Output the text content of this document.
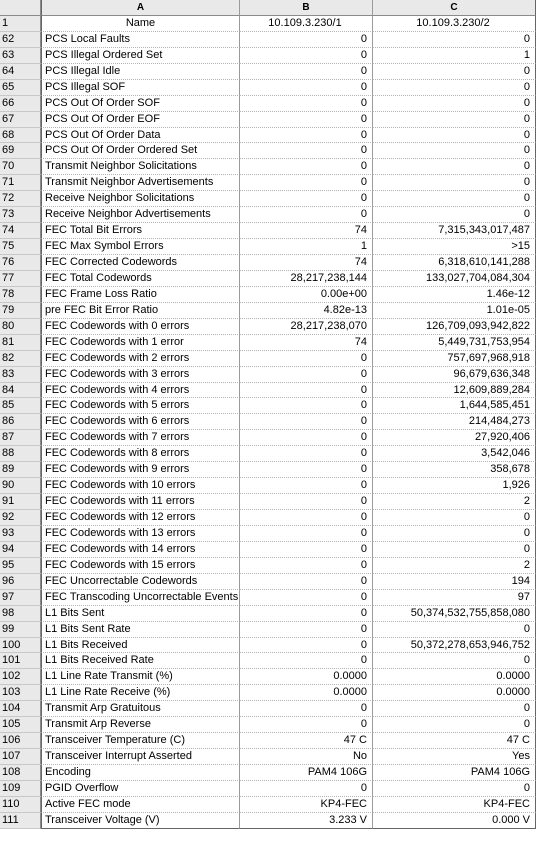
A	B	C
1	Name	10.109.3.230/1	10.109.3.230/2
62	PCS Local Faults	0	0
63	PCS Illegal Ordered Set	0	1
64	PCS Illegal Idle	0	0
65	PCS Illegal SOF	0	0
66	PCS Out Of Order SOF	0	0
67	PCS Out Of Order EOF	0	0
68	PCS Out Of Order Data	0	0
69	PCS Out Of Order Ordered Set	0	0
70	Transmit Neighbor Solicitations	0	0
71	Transmit Neighbor Advertisements	0	0
72	Receive Neighbor Solicitations	0	0
73	Receive Neighbor Advertisements	0	0
74	FEC Total Bit Errors	74	7,315,343,017,487
75	FEC Max Symbol Errors	1	>15
76	FEC Corrected Codewords	74	6,318,610,141,288
77	FEC Total Codewords	28,217,238,144	133,027,704,084,304
78	FEC Frame Loss Ratio	0.00e+00	1.46e-12
79	pre FEC Bit Error Ratio	4.82e-13	1.01e-05
80	FEC Codewords with 0 errors	28,217,238,070	126,709,093,942,822
81	FEC Codewords with 1 error	74	5,449,731,753,954
82	FEC Codewords with 2 errors	0	757,697,968,918
83	FEC Codewords with 3 errors	0	96,679,636,348
84	FEC Codewords with 4 errors	0	12,609,889,284
85	FEC Codewords with 5 errors	0	1,644,585,451
86	FEC Codewords with 6 errors	0	214,484,273
87	FEC Codewords with 7 errors	0	27,920,406
88	FEC Codewords with 8 errors	0	3,542,046
89	FEC Codewords with 9 errors	0	358,678
90	FEC Codewords with 10 errors	0	1,926
91	FEC Codewords with 11 errors	0	2
92	FEC Codewords with 12 errors	0	0
93	FEC Codewords with 13 errors	0	0
94	FEC Codewords with 14 errors	0	0
95	FEC Codewords with 15 errors	0	2
96	FEC Uncorrectable Codewords	0	194
97	FEC Transcoding Uncorrectable Events	0	97
98	L1 Bits Sent	0	50,374,532,755,858,080
99	L1 Bits Sent Rate	0	0
100	L1 Bits Received	0	50,372,278,653,946,752
101	L1 Bits Received Rate	0	0
102	L1 Line Rate Transmit (%)	0.0000	0.0000
103	L1 Line Rate Receive (%)	0.0000	0.0000
104	Transmit Arp Gratuitous	0	0
105	Transmit Arp Reverse	0	0
106	Transceiver Temperature (C)	47 C	47 C
107	Transceiver Interrupt Asserted	No	Yes
108	Encoding	PAM4 106G	PAM4 106G
109	PGID Overflow	0	0
110	Active FEC mode	KP4-FEC	KP4-FEC
111	Transceiver Voltage (V)	3.233 V	0.000 V
